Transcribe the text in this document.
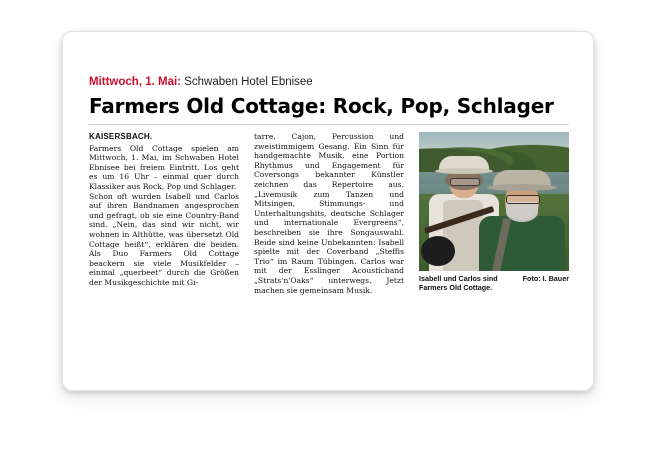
Mittwoch, 1. Mai: Schwaben Hotel Ebnisee
Farmers Old Cottage: Rock, Pop, Schlager
KAISERSBACH.

Farmers Old Cottage spielen am Mittwoch, 1. Mai, im Schwaben Hotel Ebnisee bei freiem Eintritt. Los geht es um 16 Uhr – einmal quer durch Klassiker aus Rock, Pop und Schlager.

Schon oft wurden Isabell und Carlos auf ihren Bandnamen angesprochen und gefragt, ob sie eine Country-Band sind. „Nein, das sind wir nicht, wir wohnen in Althütte, was übersetzt Old Cottage heißt“, erklären die beiden. Als Duo Farmers Old Cottage beackern sie viele Musikfelder – einmal „querbeet“ durch die Größen der Musikgeschichte mit Gi-

tarre, Cajon, Percussion und zweistimmigem Gesang. Ein Sinn für handgemachte Musik, eine Portion Rhythmus und Engagement für Coversongs bekannter Künstler zeichnen das Repertoire aus. „Livemusik zum Tanzen und Mitsingen, Stimmungs- und Unterhaltungshits, deutsche Schlager und internationale Evergreens“, beschreiben sie ihre Songauswahl. Beide sind keine Unbekannten: Isabell spielte mit der Coverband „Steffis Trio“ im Raum Tübingen. Carlos war mit der Esslinger Acousticband „Strats'n'Oaks“ unterwegs. Jetzt machen sie gemeinsam Musik.

Foto: I. Bauer
Isabell und Carlos sind Farmers Old Cottage.
